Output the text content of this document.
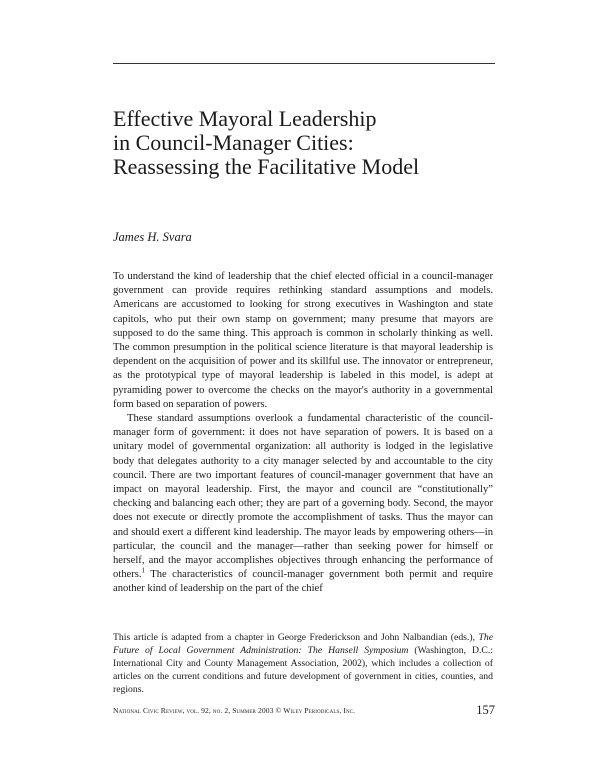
Effective Mayoral Leadership
in Council-Manager Cities:
Reassessing the Facilitative Model
James H. Svara

To understand the kind of leadership that the chief elected official in a council-manager government can provide requires rethinking standard assumptions and models. Americans are accustomed to looking for strong executives in Washington and state capitols, who put their own stamp on government; many presume that mayors are supposed to do the same thing. This approach is common in scholarly thinking as well. The common presumption in the political science literature is that mayoral leadership is dependent on the acquisition of power and its skillful use. The innovator or entrepreneur, as the prototypical type of mayoral leadership is labeled in this model, is adept at pyramiding power to overcome the checks on the mayor's authority in a governmental form based on separation of powers.

These standard assumptions overlook a fundamental characteristic of the council-manager form of government: it does not have separation of powers. It is based on a unitary model of governmental organization: all authority is lodged in the legislative body that delegates authority to a city manager selected by and accountable to the city council. There are two important features of council-manager government that have an impact on mayoral leadership. First, the mayor and council are “constitutionally” checking and balancing each other; they are part of a governing body. Second, the mayor does not execute or directly promote the accomplishment of tasks. Thus the mayor can and should exert a different kind leadership. The mayor leads by empowering others—in particular, the council and the manager—rather than seeking power for himself or herself, and the mayor accomplishes objectives through enhancing the performance of others.$^1$ The characteristics of council-manager government both permit and require another kind of leadership on the part of the chief

This article is adapted from a chapter in George Frederickson and John Nalbandian (eds.), The Future of Local Government Administration: The Hansell Symposium (Washington, D.C.: International City and County Management Association, 2002), which includes a collection of articles on the current conditions and future development of government in cities, counties, and regions.

National Civic Review, vol. 92, no. 2, Summer 2003 © Wiley Periodicals, Inc.	157
